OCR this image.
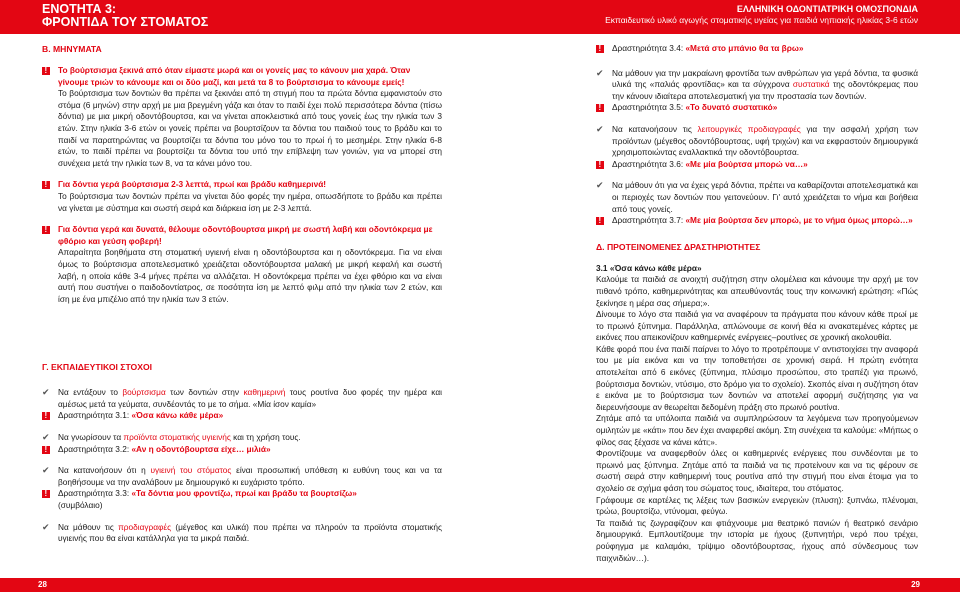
ΕΝΟΤΗΤΑ 3:
ΦΡΟΝΤΙΔΑ ΤΟΥ ΣΤΟΜΑΤΟΣ
ΕΛΛΗΝΙΚΗ ΟΔΟΝΤΙΑΤΡΙΚΗ ΟΜΟΣΠΟΝΔΙΑ
Εκπαιδευτικό υλικό αγωγής στοματικής υγείας για παιδιά νηπιακής ηλικίας 3-6 ετών
Β. ΜΗΝΥΜΑΤΑ
!
Το βούρτσισμα ξεκινά από όταν είμαστε μωρά και οι γονείς μας το κάνουν μια χαρά. Όταν γίνουμε τριών το κάνουμε και οι δύο μαζί, και μετά τα 8 το βούρτσισμα το κάνουμε εμείς!
Το βούρτσισμα των δοντιών θα πρέπει να ξεκινάει από τη στιγμή που τα πρώτα δόντια εμφανιστούν στο στόμα (6 μηνών) στην αρχή με μια βρεγμένη γάζα και όταν το παιδί έχει πολύ περισσότερα δόντια (πίσω δόντια) με μια μικρή οδοντόβουρτσα, και να γίνεται αποκλειστικά από τους γονείς έως την ηλικία των 3 ετών. Στην ηλικία 3-6 ετών οι γονείς πρέπει να βουρτσίζουν τα δόντια του παιδιού τους το βράδυ και το παιδί να παρατηρώντας να βουρτσίζει τα δόντια του μόνο του το πρωί ή το μεσημέρι. Στην ηλικία 6-8 ετών, το παιδί πρέπει να βουρτσίζει τα δόντια του υπό την επίβλεψη των γονιών, για να μπορεί στη συνέχεια μετά την ηλικία των 8, να τα κάνει μόνο του.
!
Για δόντια γερά βούρτσισμα 2-3 λεπτά, πρωί και βράδυ καθημερινά!
Το βούρτσισμα των δοντιών πρέπει να γίνεται δύο φορές την ημέρα, οπωσδήποτε το βράδυ και πρέπει να γίνεται με σύστημα και σωστή σειρά και διάρκεια ίση με 2-3 λεπτά.
!
Για δόντια γερά και δυνατά, θέλουμε οδοντόβουρτσα μικρή με σωστή λαβή και οδοντόκρεμα με φθόριο και γεύση φοβερή!
Απαραίτητα βοηθήματα στη στοματική υγιεινή είναι η οδοντόβουρτσα και η οδοντόκρεμα. Για να είναι όμως το βούρτσισμα αποτελεσματικό χρειάζεται οδοντόβουρτσα μαλακή με μικρή κεφαλή και σωστή λαβή, η οποία κάθε 3-4 μήνες πρέπει να αλλάζεται. Η οδοντόκρεμα πρέπει να έχει φθόριο και να είναι αυτή που συστήνει ο παιδοδοντίατρος, σε ποσότητα ίση με λεπτό φιλμ από την ηλικία των 2 ετών, και ίση με ένα μπιζέλιο από την ηλικία των 3 ετών.
Γ. ΕΚΠΑΙΔΕΥΤΙΚΟΙ ΣΤΟΧΟΙ
✔ Να εντάξουν το βούρτσισμα των δοντιών στην καθημερινή τους ρουτίνα δυο φορές την ημέρα και αμέσως μετά τα γεύματα, συνδέοντάς το με το σήμα. «Μία ίσον καμία»
!
Δραστηριότητα 3.1: «Όσα κάνω κάθε μέρα»
✔ Να γνωρίσουν τα προϊόντα στοματικής υγιεινής και τη χρήση τους.
!
Δραστηριότητα 3.2: «Αν η οδοντόβουρτσα είχε… μιλιά»
✔ Να κατανοήσουν ότι η υγιεινή του στόματος είναι προσωπική υπόθεση κι ευθύνη τους και να τα βοηθήσουμε να την αναλάβουν με δημιουργικό κι ευχάριστο τρόπο.
!
Δραστηριότητα 3.3: «Τα δόντια μου φροντίζω, πρωί και βράδυ τα βουρτσίζω»
(συμβόλαιο)
✔ Να μάθουν τις προδιαγραφές (μέγεθος και υλικά) που πρέπει να πληρούν τα προϊόντα στοματικής υγιεινής που θα είναι κατάλληλα για τα μικρά παιδιά.
!
Δραστηριότητα 3.4: «Μετά στο μπάνιο θα τα βρω»
✔ Να μάθουν για την μακραίωνη φροντίδα των ανθρώπων για γερά δόντια, τα φυσικά υλικά της «παλιάς φροντίδας» και τα σύγχρονα συστατικά της οδοντόκρεμας που την κάνουν ιδιαίτερα αποτελεσματική για την προστασία των δοντιών.
!
Δραστηριότητα 3.5: «Το δυνατό συστατικό»
✔ Να κατανοήσουν τις λειτουργικές προδιαγραφές για την ασφαλή χρήση των προϊόντων (μέγεθος οδοντόβουρτσας, υφή τριχών) και να εκφραστούν δημιουργικά χρησιμοποιώντας εναλλακτικά την οδοντόβουρτσα.
!
Δραστηριότητα 3.6: «Με μία βούρτσα μπορώ να…»
✔ Να μάθουν ότι για να έχεις γερά δόντια, πρέπει να καθαρίζονται αποτελεσματικά και οι περιοχές των δοντιών που γειτονεύουν. Γι' αυτό χρειάζεται το νήμα και βοήθεια από τους γονείς.
!
Δραστηριότητα 3.7: «Με μία βούρτσα δεν μπορώ, με το νήμα όμως μπορώ…»
Δ. ΠΡΟΤΕΙΝΟΜΕΝΕΣ ΔΡΑΣΤΗΡΙΟΤΗΤΕΣ
3.1 «Όσα κάνω κάθε μέρα»
Καλούμε τα παιδιά σε ανοιχτή συζήτηση στην ολομέλεια και κάνουμε την αρχή με τον πιθανό τρόπο, καθημερινότητας και απευθύνοντάς τους την κοινωνική ερώτηση: «Πώς ξεκίνησε η μέρα σας σήμερα;».
Δίνουμε το λόγο στα παιδιά για να αναφέρουν τα πράγματα που κάνουν κάθε πρωί με το πρωινό ξύπνημα. Παράλληλα, απλώνουμε σε κοινή θέα κι ανακατεμένες κάρτες με εικόνες που απεικονίζουν καθημερινές ενέργειες–ρουτίνες σε χρονική ακολουθία.
Κάθε φορά που ένα παιδί παίρνει το λόγο το προτρέπουμε ν' αντιστοιχίσει την αναφορά του με μία εικόνα και να την τοποθετήσει σε χρονική σειρά. Η πρώτη ενότητα αποτελείται από 6 εικόνες (ξύπνημα, πλύσιμο προσώπου, στο τραπέζι για πρωινό, βούρτσισμα δοντιών, ντύσιμο, στο δρόμο για το σχολείο). Σκοπός είναι η συζήτηση όταν ε εικόνα με το βούρτσισμα των δοντιών να αποτελεί αφορμή συζήτησης για να διερευνήσουμε αν θεωρείται δεδομένη πράξη στο πρωινό ρουτίνα.
Ζητάμε από τα υπόλοιπα παιδιά να συμπληρώσουν τα λεγόμενα των προηγούμενων ομιλητών με «κάτι» που δεν έχει αναφερθεί ακόμη. Στη συνέχεια τα καλούμε: «Μήπως ο φίλος σας ξέχασε να κάνει κάτι;».
Φροντίζουμε να αναφερθούν όλες οι καθημερινές ενέργειες που συνδέονται με το πρωινό μας ξύπνημα. Ζητάμε από τα παιδιά να τις προτείνουν και να τις φέρουν σε σωστή σειρά στην καθημερινή τους ρουτίνα από την στιγμή που είναι έτοιμα για το σχολείο σε σχήμα φάση του σώματος τους, ιδιαίτερα, του στόματος.
Γράφουμε σε καρτέλες τις λέξεις των βασικών ενεργειών (πλυση): ξυπνάω, πλένομαι, τρώω, βουρτσίζω, ντύνομαι, φεύγω.
Τα παιδιά τις ζωγραφίζουν και φτιάχνουμε μια θεατρικό πανιών ή θεατρικό σενάριο δημιουργικά. Εμπλουτίζουμε την ιστορία με ήχους (ξυπνητήρι, νερό που τρέχει, ρούφηγμα με καλαμάκι, τρίψιμο οδοντόβουρτσας, ήχους από σύνδεσμους των παιχνιδιών…).
28	29
